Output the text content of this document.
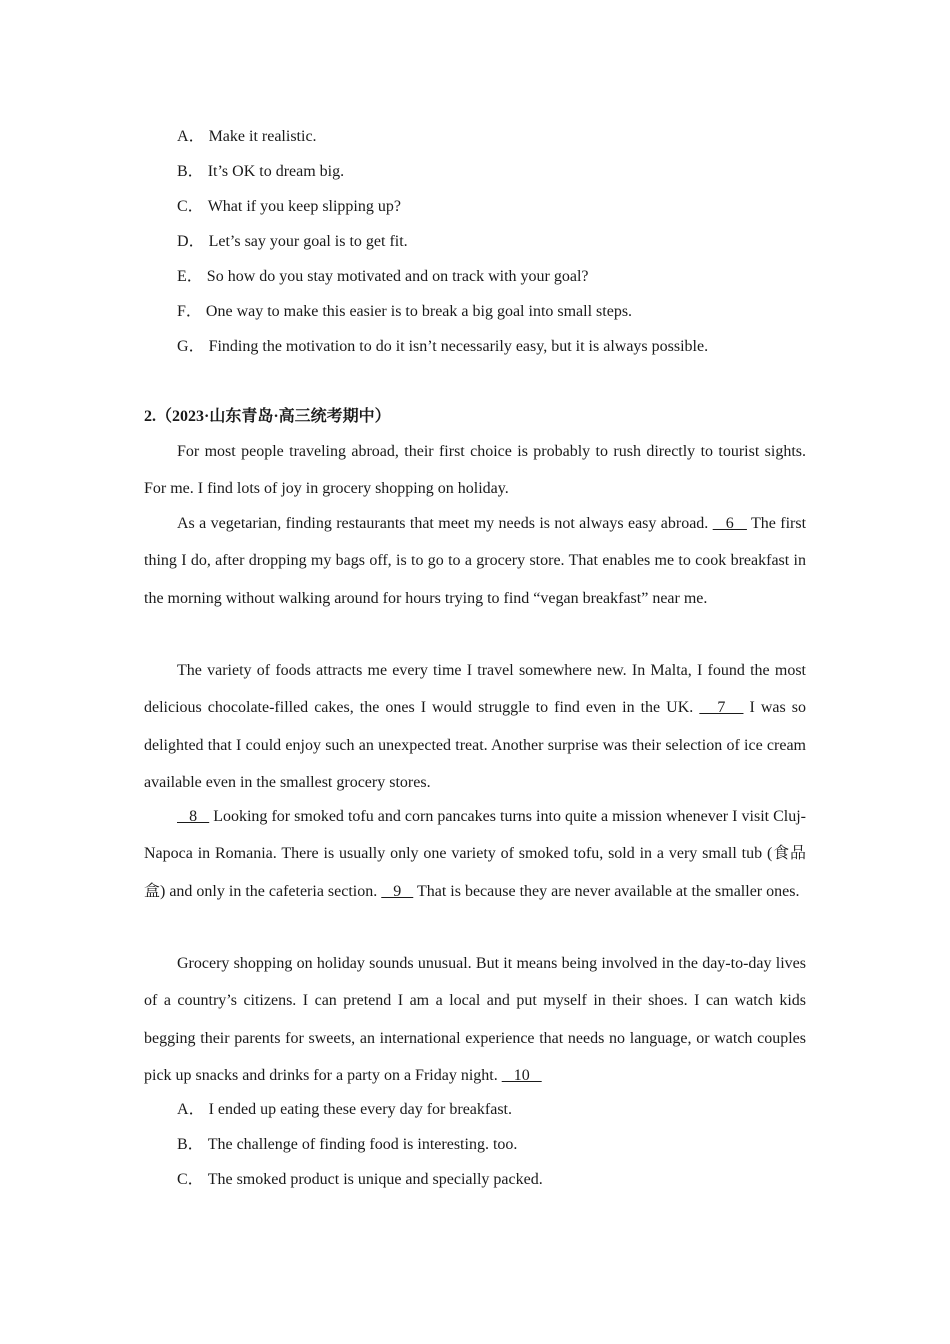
A． Make it realistic.
B． It’s OK to dream big.
C． What if you keep slipping up?
D． Let’s say your goal is to get fit.
E． So how do you stay motivated and on track with your goal?
F． One way to make this easier is to break a big goal into small steps.
G． Finding the motivation to do it isn’t necessarily easy, but it is always possible.
2.（2023·山东青岛·高三统考期中）

For most people traveling abroad, their first choice is probably to rush directly to tourist sights. For me. I find lots of joy in grocery shopping on holiday.

As a vegetarian, finding restaurants that meet my needs is not always easy abroad.    6    The first thing I do, after dropping my bags off, is to go to a grocery store. That enables me to cook breakfast in the morning without walking around for hours trying to find “vegan breakfast” near me.

The variety of foods attracts me every time I travel somewhere new. In Malta, I found the most delicious chocolate-filled cakes, the ones I would struggle to find even in the UK.    7    I was so delighted that I could enjoy such an unexpected treat. Another surprise was their selection of ice cream available even in the smallest grocery stores.

8    Looking for smoked tofu and corn pancakes turns into quite a mission whenever I visit Cluj-Napoca in Romania. There is usually only one variety of smoked tofu, sold in a very small tub (食品盒) and only in the cafeteria section.    9    That is because they are never available at the smaller ones.

Grocery shopping on holiday sounds unusual. But it means being involved in the day-to-day lives of a country’s citizens. I can pretend I am a local and put myself in their shoes. I can watch kids begging their parents for sweets, an international experience that needs no language, or watch couples pick up snacks and drinks for a party on a Friday night.    10

A． I ended up eating these every day for breakfast.
B． The challenge of finding food is interesting. too.
C． The smoked product is unique and specially packed.
